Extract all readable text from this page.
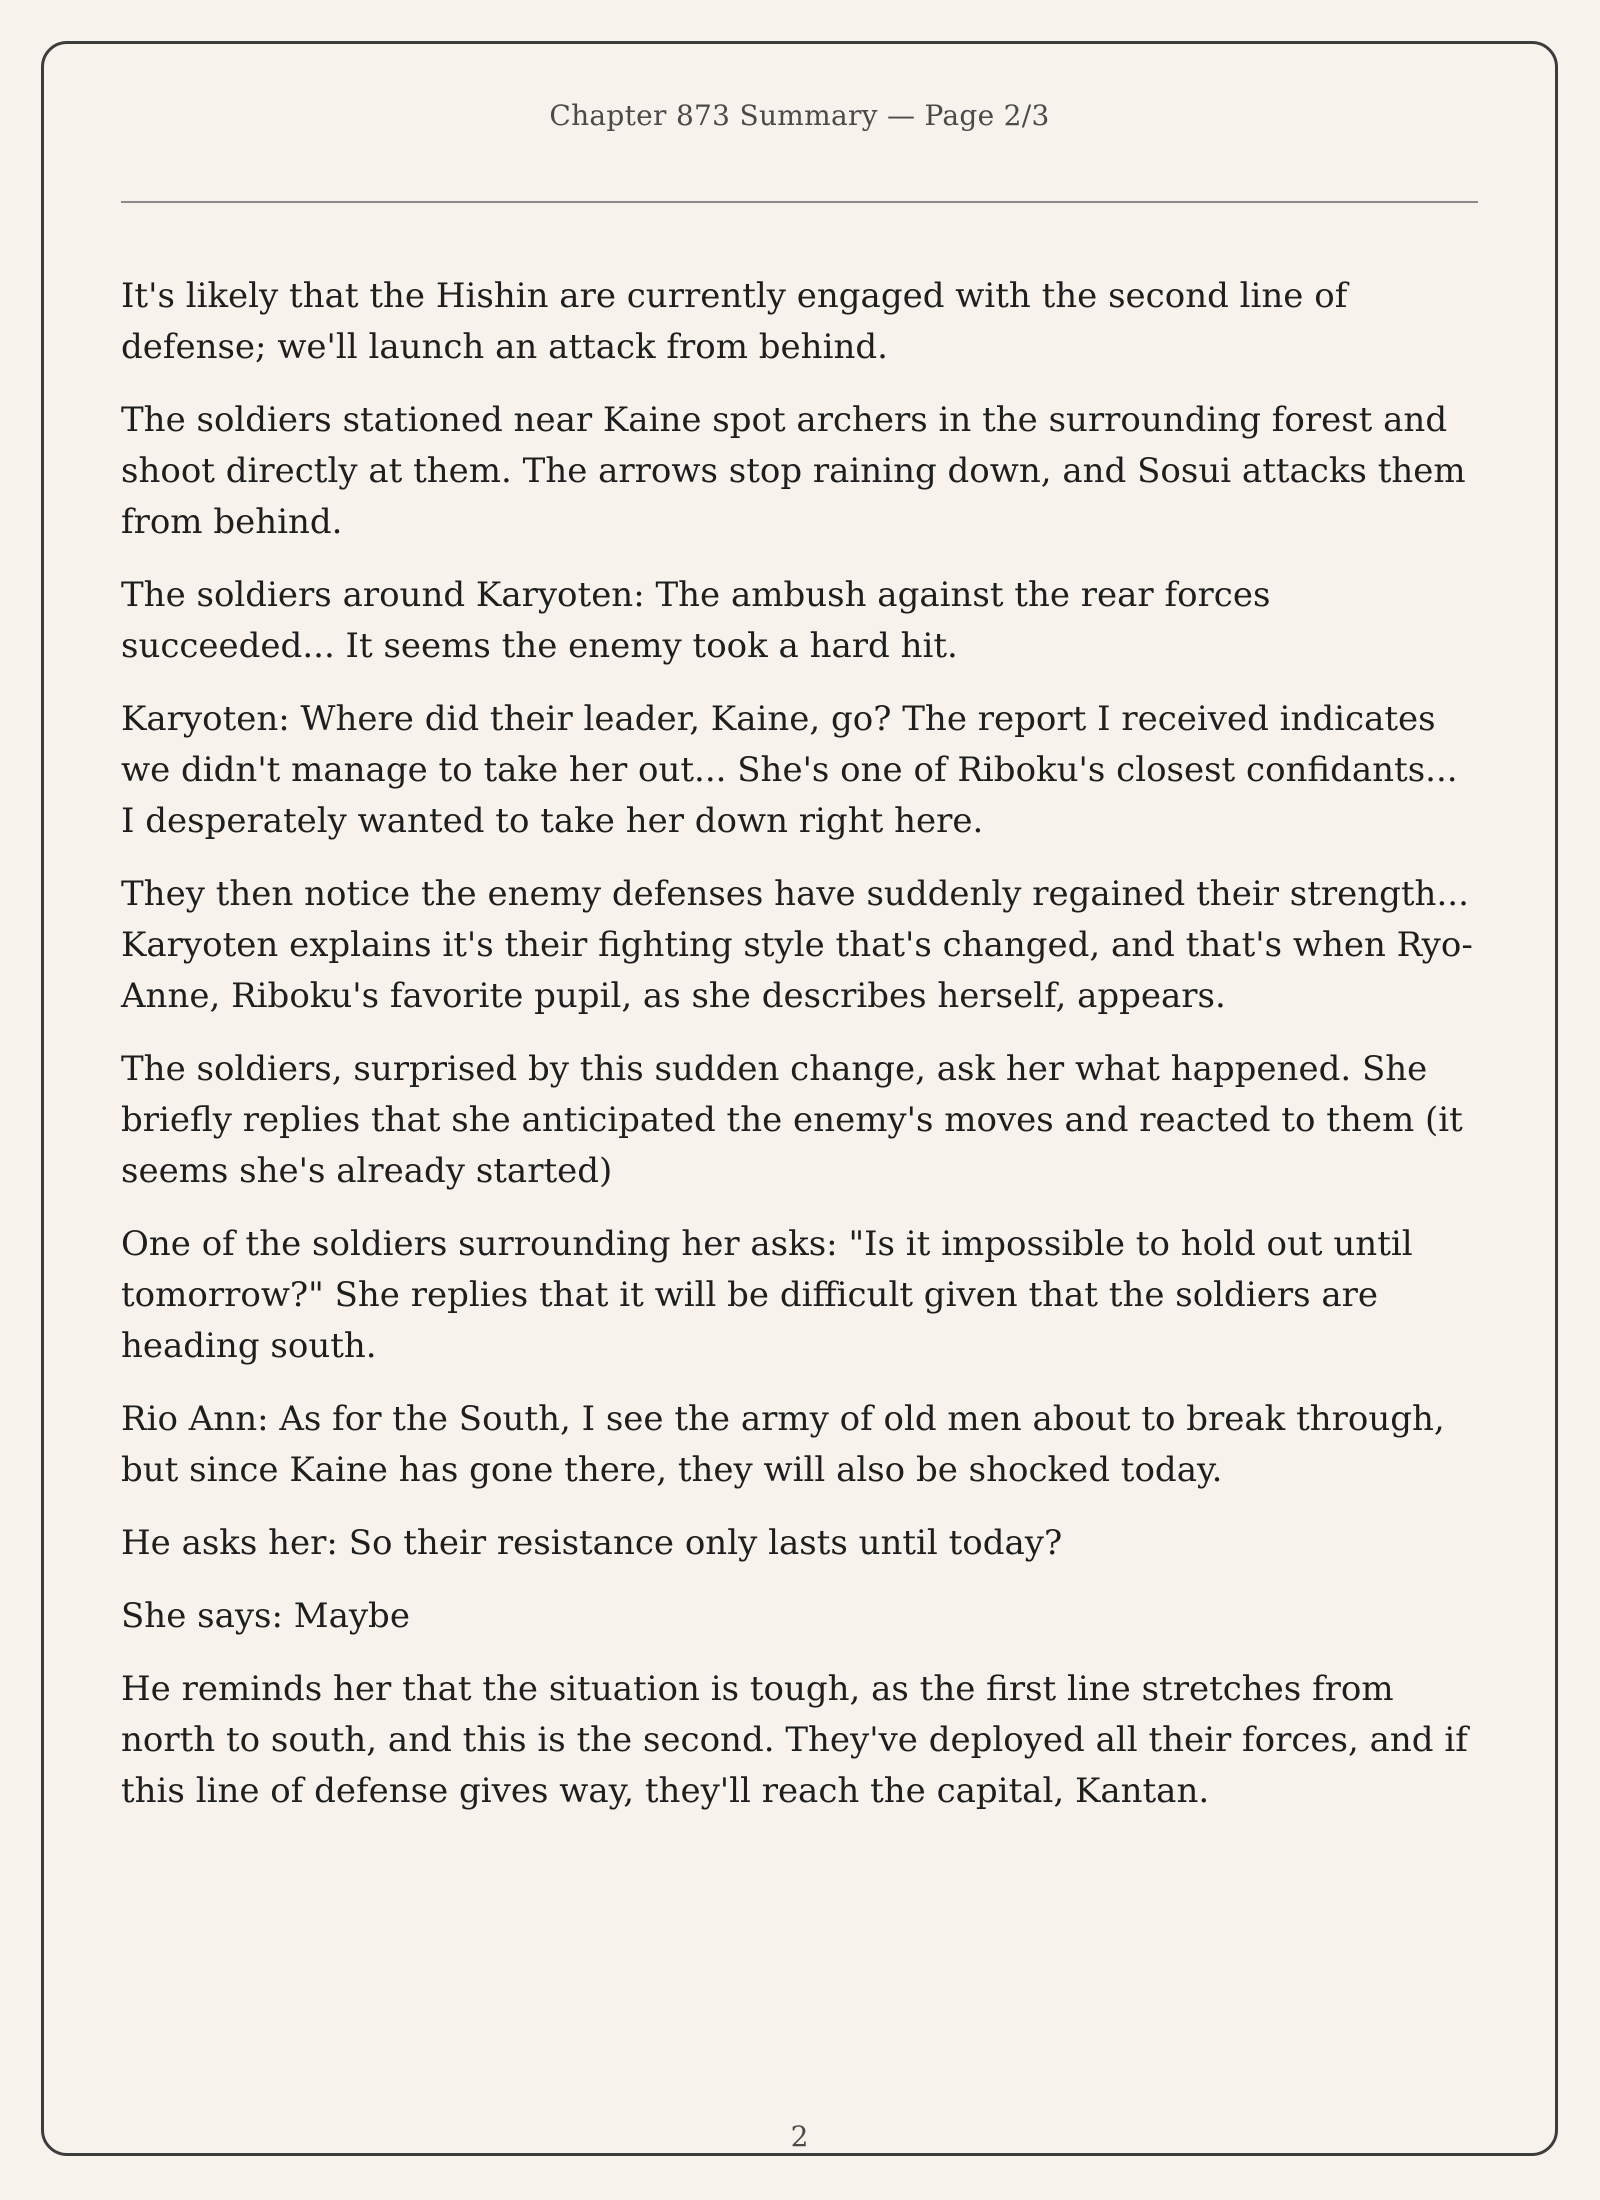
Chapter 873 Summary — Page 2/3

It's likely that the Hishin are currently engaged with the second line of defense; we'll launch an attack from behind.

The soldiers stationed near Kaine spot archers in the surrounding forest and shoot directly at them. The arrows stop raining down, and Sosui attacks them from behind.

The soldiers around Karyoten: The ambush against the rear forces succeeded... It seems the enemy took a hard hit.

Karyoten: Where did their leader, Kaine, go? The report I received indicates we didn't manage to take her out... She's one of Riboku's closest confidants... I desperately wanted to take her down right here.

They then notice the enemy defenses have suddenly regained their strength... Karyoten explains it's their fighting style that's changed, and that's when Ryo-Anne, Riboku's favorite pupil, as she describes herself, appears.

The soldiers, surprised by this sudden change, ask her what happened. She briefly replies that she anticipated the enemy's moves and reacted to them (it seems she's already started)

One of the soldiers surrounding her asks: "Is it impossible to hold out until tomorrow?" She replies that it will be difficult given that the soldiers are heading south.

Rio Ann: As for the South, I see the army of old men about to break through, but since Kaine has gone there, they will also be shocked today.

He asks her: So their resistance only lasts until today?

She says: Maybe

He reminds her that the situation is tough, as the first line stretches from north to south, and this is the second. They've deployed all their forces, and if this line of defense gives way, they'll reach the capital, Kantan.

2
